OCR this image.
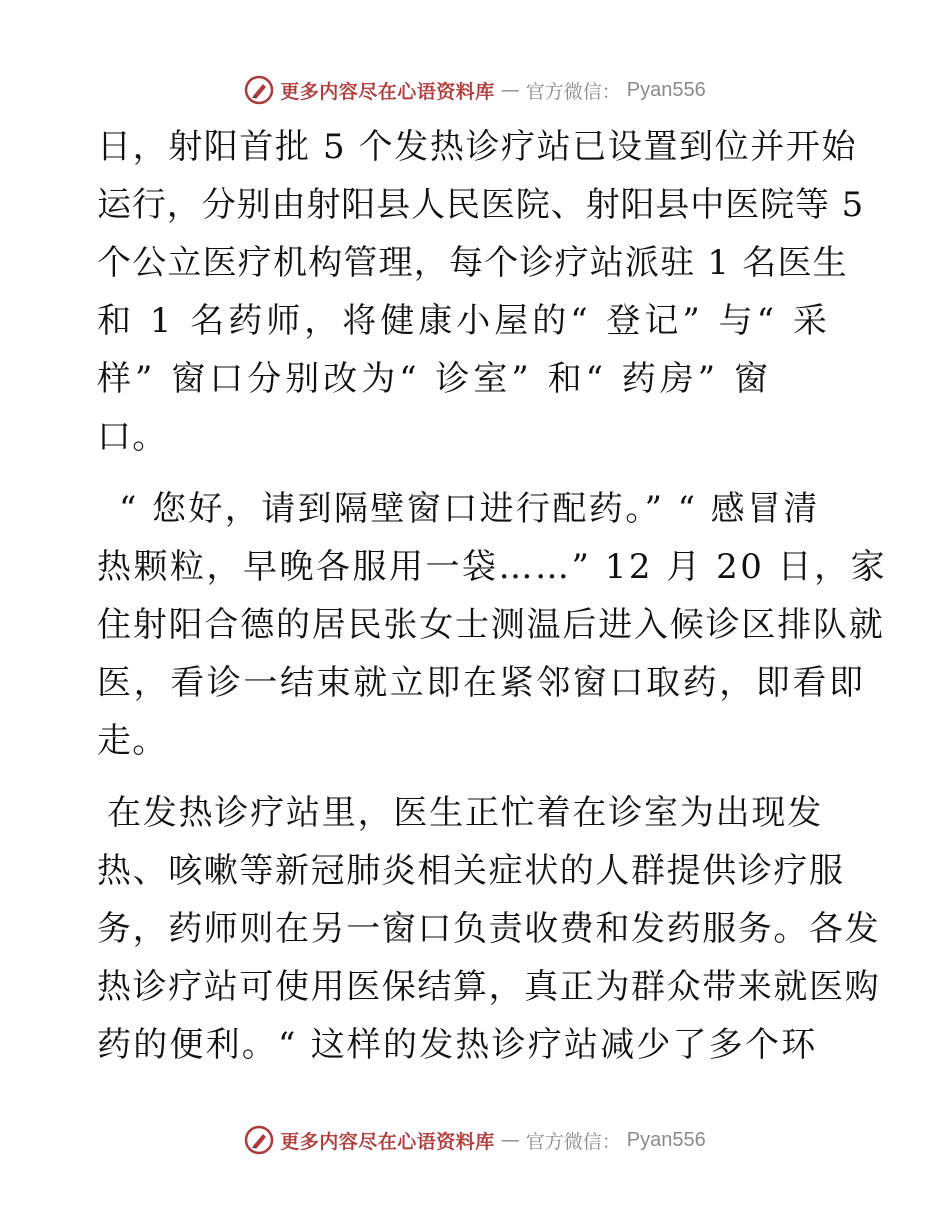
更多内容尽在心语资料库 — 官方微信： Pyan556
日，射阳首批 5 个发热诊疗站已设置到位并开始
运行，分别由射阳县人民医院、射阳县中医院等 5
个公立医疗机构管理，每个诊疗站派驻 1 名医生
和 1 名药师，将健康小屋的“ 登记” 与“ 采
样” 窗口分别改为“ 诊室” 和“ 药房” 窗
口。
“ 您好，请到隔壁窗口进行配药。” “ 感冒清
热颗粒，早晚各服用一袋……” 12 月 20 日，家
住射阳合德的居民张女士测温后进入候诊区排队就
医，看诊一结束就立即在紧邻窗口取药，即看即
走。
在发热诊疗站里，医生正忙着在诊室为出现发
热、咳嗽等新冠肺炎相关症状的人群提供诊疗服
务，药师则在另一窗口负责收费和发药服务。各发
热诊疗站可使用医保结算，真正为群众带来就医购
药的便利。“ 这样的发热诊疗站减少了多个环
更多内容尽在心语资料库 — 官方微信： Pyan556
